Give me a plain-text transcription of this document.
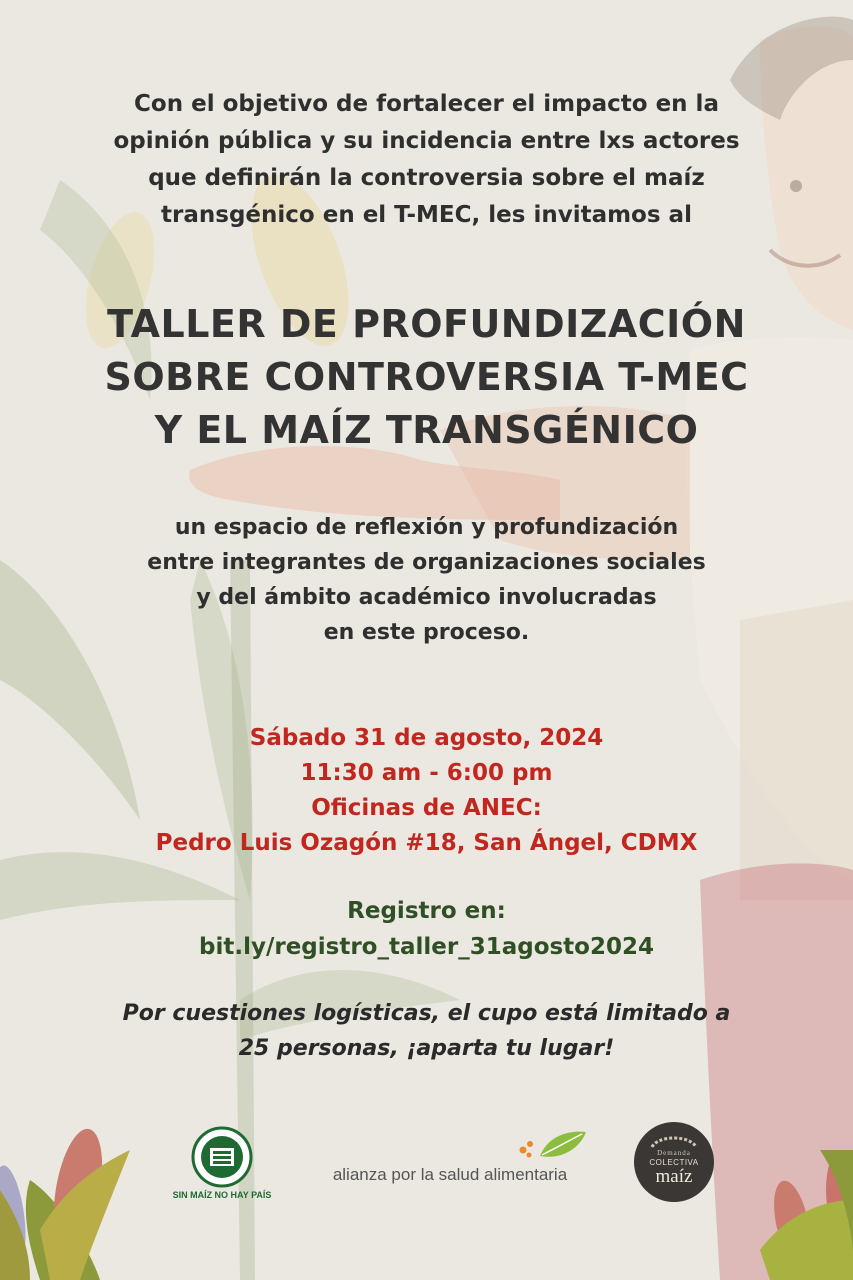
Con el objetivo de fortalecer el impacto en la
opinión pública y su incidencia entre lxs actores
que definirán la controversia sobre el maíz
transgénico en el T-MEC, les invitamos al
TALLER DE PROFUNDIZACIÓN
SOBRE CONTROVERSIA T-MEC
Y EL MAÍZ TRANSGÉNICO
un espacio de reflexión y profundización
entre integrantes de organizaciones sociales
y del ámbito académico involucradas
en este proceso.
Sábado 31 de agosto, 2024
11:30 am - 6:00 pm
Oficinas de ANEC:
Pedro Luis Ozagón #18, San Ángel, CDMX
Registro en:
bit.ly/registro_taller_31agosto2024
Por cuestiones logísticas, el cupo está limitado a
25 personas, ¡aparta tu lugar!
SIN MAÍZ NO HAY PAÍS
alianza por la salud alimentaria
Demanda
COLECTIVA
maíz
